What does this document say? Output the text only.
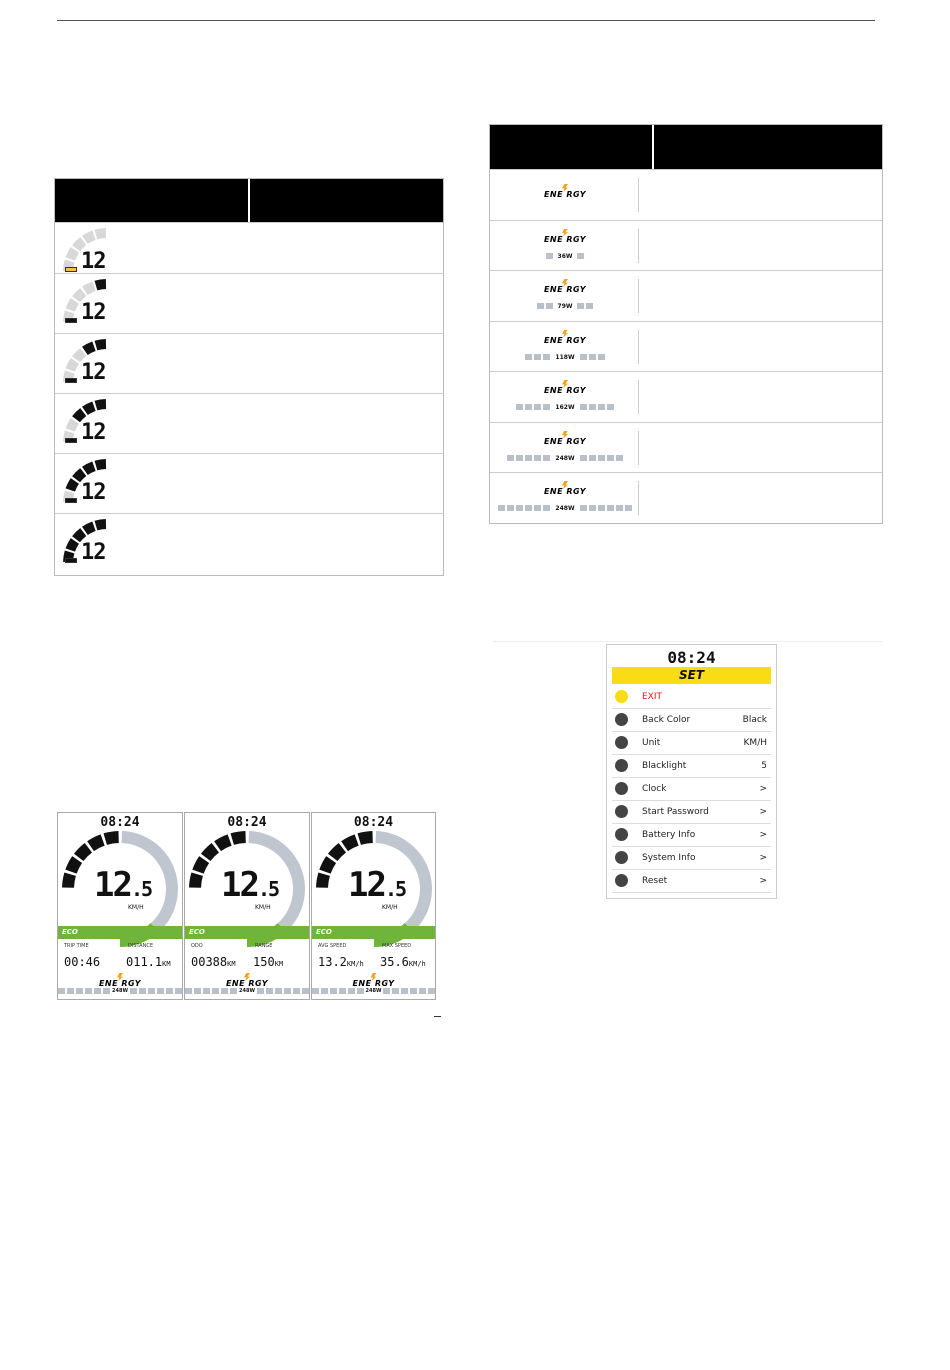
12
12
12
12
12
12
ENE RGY
ENE RGY
36W
ENE RGY
79W
ENE RGY
118W
ENE RGY
162W
ENE RGY
248W
ENE RGY
248W
08:24
12.5
KM/H
ECO
TRIP TIME	DISTANCE
00:46 011.1KM
ENE RGY
248W
08:24
12.5
KM/H
ECO
ODO	RANGE
00388KM 150KM
ENE RGY
248W
08:24
12.5
KM/H
ECO
AVG SPEED	MAX SPEED
13.2KM/h 35.6KM/h
ENE RGY
248W
08:24
SET
EXIT
Back Color	Black
Unit	KM/H
Blacklight	5
Clock	>
Start Password	>
Battery Info	>
System Info	>
Reset	>
